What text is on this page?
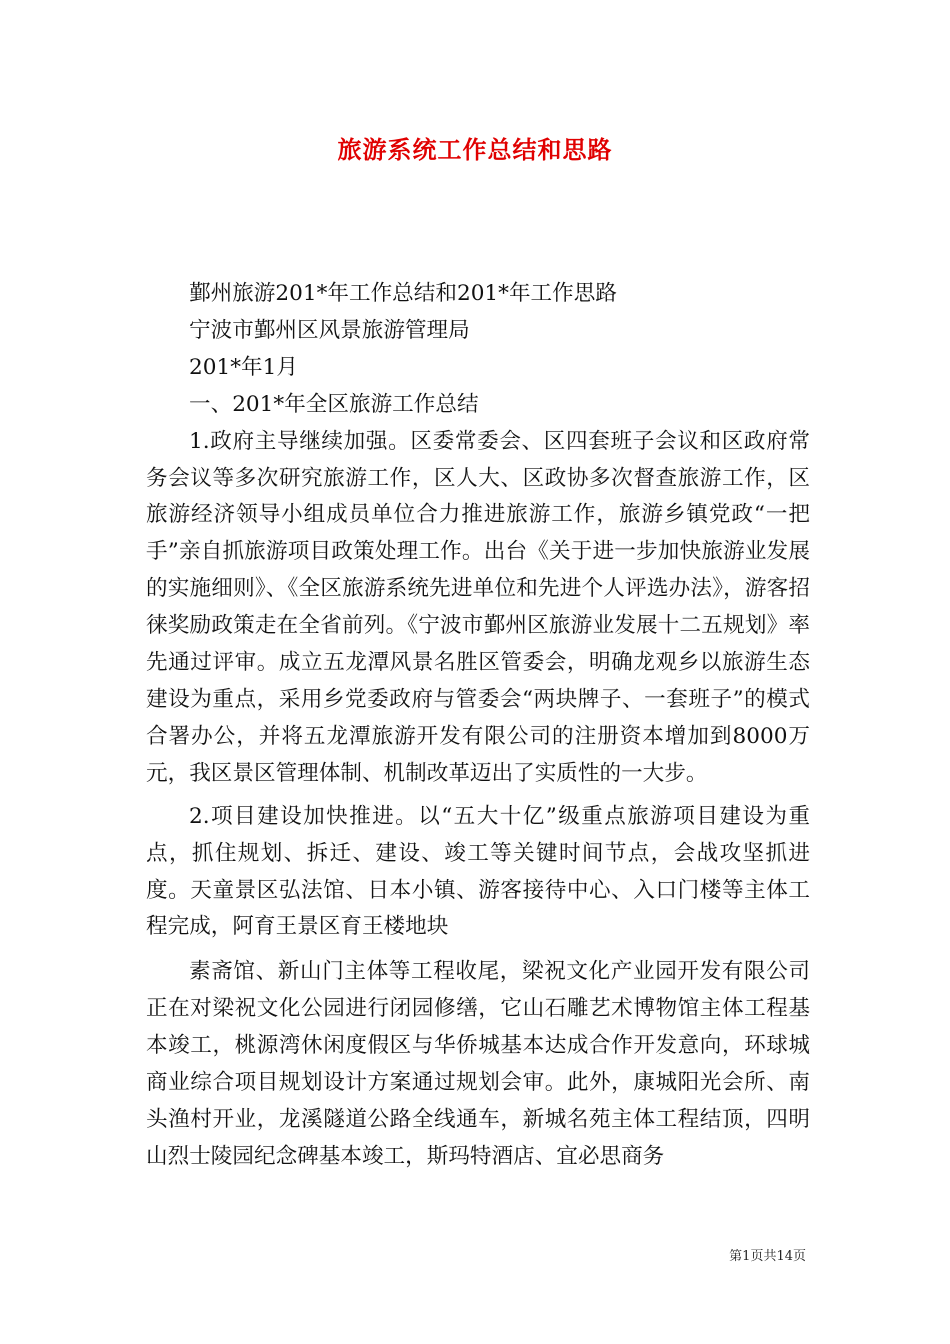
旅游系统工作总结和思路

鄞州旅游201*年工作总结和201*年工作思路

宁波市鄞州区风景旅游管理局

201*年1月

一、201*年全区旅游工作总结

1.政府主导继续加强。区委常委会、区四套班子会议和区政府常务会议等多次研究旅游工作，区人大、区政协多次督查旅游工作，区旅游经济领导小组成员单位合力推进旅游工作，旅游乡镇党政“一把手”亲自抓旅游项目政策处理工作。出台《关于进一步加快旅游业发展的实施细则》、《全区旅游系统先进单位和先进个人评选办法》，游客招徕奖励政策走在全省前列。《宁波市鄞州区旅游业发展十二五规划》率先通过评审。成立五龙潭风景名胜区管委会，明确龙观乡以旅游生态建设为重点，采用乡党委政府与管委会“两块牌子、一套班子”的模式合署办公，并将五龙潭旅游开发有限公司的注册资本增加到8000万元，我区景区管理体制、机制改革迈出了实质性的一大步。

2.项目建设加快推进。以“五大十亿”级重点旅游项目建设为重点，抓住规划、拆迁、建设、竣工等关键时间节点，会战攻坚抓进度。天童景区弘法馆、日本小镇、游客接待中心、入口门楼等主体工程完成，阿育王景区育王楼地块

素斋馆、新山门主体等工程收尾，梁祝文化产业园开发有限公司正在对梁祝文化公园进行闭园修缮，它山石雕艺术博物馆主体工程基本竣工，桃源湾休闲度假区与华侨城基本达成合作开发意向，环球城商业综合项目规划设计方案通过规划会审。此外，康城阳光会所、南头渔村开业，龙溪隧道公路全线通车，新城名苑主体工程结顶，四明山烈士陵园纪念碑基本竣工，斯玛特酒店、宜必思商务

第1页共14页
